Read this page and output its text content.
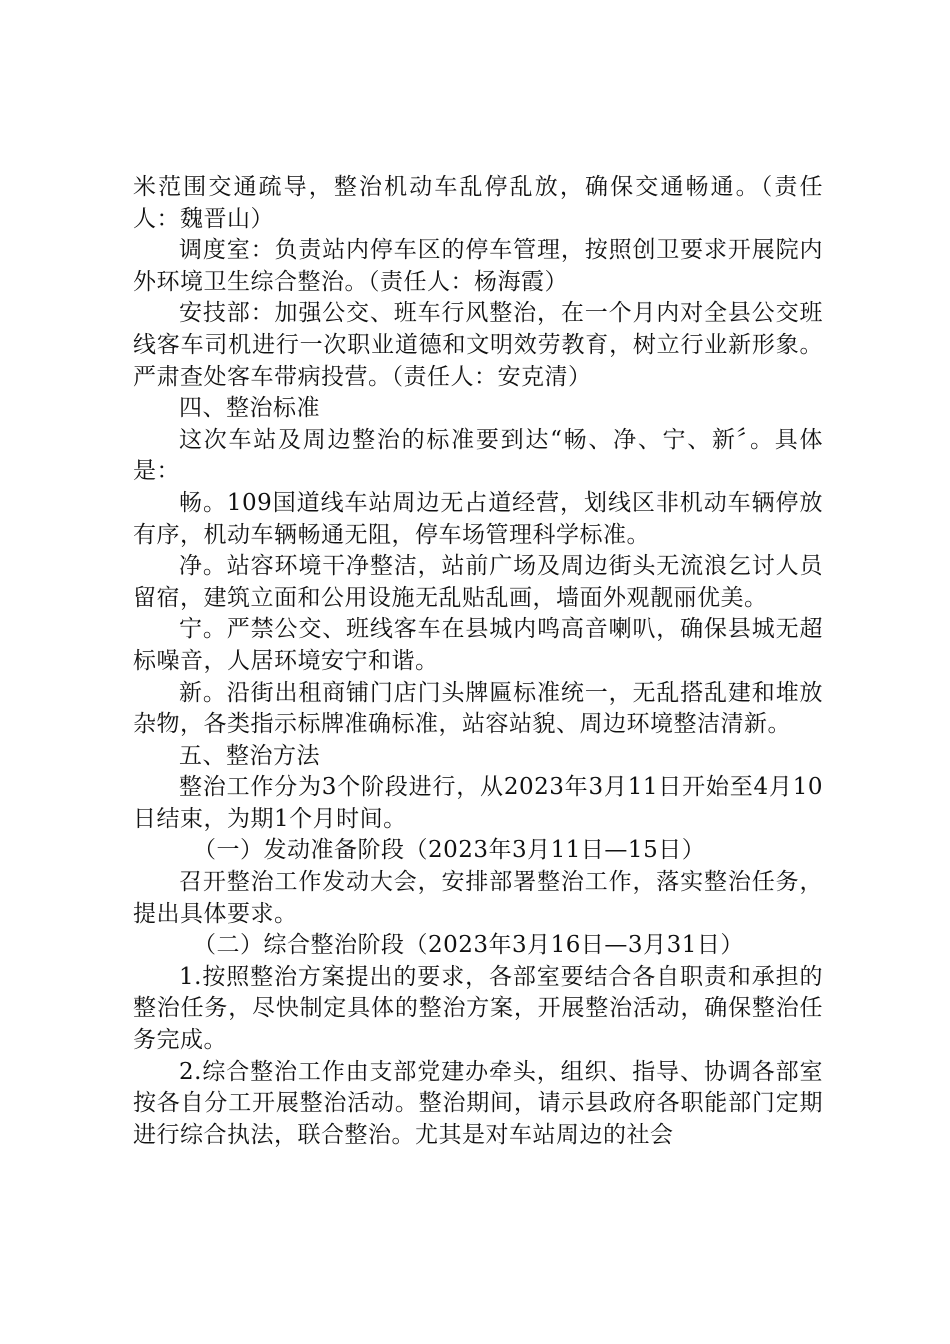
米范围交通疏导，整治机动车乱停乱放，确保交通畅通。（责任人：魏晋山）

调度室：负责站内停车区的停车管理，按照创卫要求开展院内外环境卫生综合整治。（责任人：杨海霞）

安技部：加强公交、班车行风整治，在一个月内对全县公交班线客车司机进行一次职业道德和文明效劳教育，树立行业新形象。严肃查处客车带病投营。（责任人：安克清）

四、整治标准

这次车站及周边整治的标准要到达“畅、净、宁、新〞。具体是：

畅。109国道线车站周边无占道经营，划线区非机动车辆停放有序，机动车辆畅通无阻，停车场管理科学标准。

净。站容环境干净整洁，站前广场及周边街头无流浪乞讨人员留宿，建筑立面和公用设施无乱贴乱画，墙面外观靓丽优美。

宁。严禁公交、班线客车在县城内鸣高音喇叭，确保县城无超标噪音，人居环境安宁和谐。

新。沿街出租商铺门店门头牌匾标准统一，无乱搭乱建和堆放杂物，各类指示标牌准确标准，站容站貌、周边环境整洁清新。

五、整治方法

整治工作分为3个阶段进行，从2023年3月11日开始至4月10日结束，为期1个月时间。

（一）发动准备阶段（2023年3月11日—15日）

召开整治工作发动大会，安排部署整治工作，落实整治任务，提出具体要求。

（二）综合整治阶段（2023年3月16日—3月31日）

1.按照整治方案提出的要求，各部室要结合各自职责和承担的整治任务，尽快制定具体的整治方案，开展整治活动，确保整治任务完成。

2.综合整治工作由支部党建办牵头，组织、指导、协调各部室按各自分工开展整治活动。整治期间，请示县政府各职能部门定期进行综合执法，联合整治。尤其是对车站周边的社会
